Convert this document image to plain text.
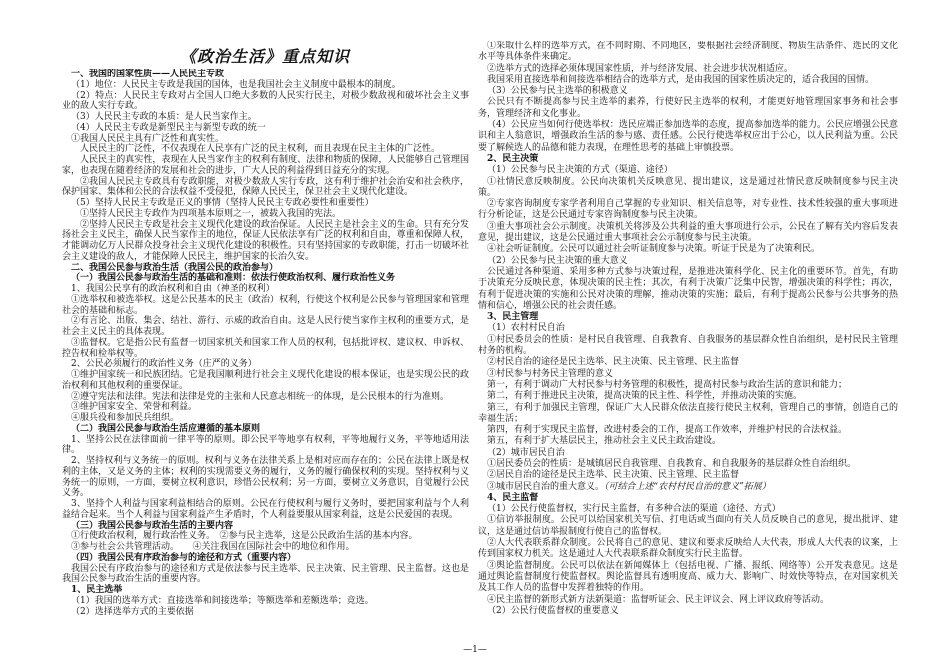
《政治生活》重点知识

一、我国的国家性质——人民民主专政

（1）地位：人民民主专政是我国的国体，也是我国社会主义制度中最根本的制度。

（2）特点：人民民主专政对占全国人口绝大多数的人民实行民主，对极少数敌视和破坏社会主义事业的敌人实行专政。

（3）人民民主专政的本质：是人民当家作主。

（4）人民民主专政是新型民主与新型专政的统一

①我国人民民主具有广泛性和真实性。

人民民主的广泛性，不仅表现在人民享有广泛的民主权利，而且表现在民主主体的广泛性。

人民民主的真实性，表现在人民当家作主的权利有制度、法律和物质的保障，人民能够自己管理国家，也表现在随着经济的发展和社会的进步，广大人民的利益得到日益充分的实现。

②我国人民民主专政具有专政职能，对极少数敌人实行专政，这有利于维护社会治安和社会秩序，保护国家、集体和公民的合法权益不受侵犯，保障人民民主，保卫社会主义现代化建设。

（5）坚持人民民主专政是正义的事情（坚持人民民主专政必要性和重要性）

①坚持人民民主专政作为四项基本原则之一，被载入我国的宪法。

②坚持人民民主专政是社会主义现代化建设的政治保证。人民民主是社会主义的生命。只有充分发扬社会主义民主，确保人民当家作主的地位，保证人民依法享有广泛的权利和自由，尊重和保障人权，才能调动亿万人民群众投身社会主义现代化建设的积极性。只有坚持国家的专政职能，打击一切破坏社会主义建设的敌人，才能保障人民民主，维护国家的长治久安。

二、我国公民参与政治生活（我国公民的政治参与）

（一）我国公民参与政治生活的基础和准则：依法行使政治权利、履行政治性义务

1、我国公民享有的政治权利和自由（神圣的权利）

①选举权和被选举权。这是公民基本的民主（政治）权利，行使这个权利是公民参与管理国家和管理社会的基础和标志。

②有言论、出版、集会、结社、游行、示威的政治自由。这是人民行使当家作主权利的重要方式，是社会主义民主的具体表现。

③监督权。它是指公民有监督一切国家机关和国家工作人员的权利，包括批评权、建议权、申诉权、控告权和检举权等。

2、公民必须履行的政治性义务（庄严的义务）

①维护国家统一和民族团结。它是我国顺利进行社会主义现代化建设的根本保证，也是实现公民的政治权利和其他权利的重要保证。

②遵守宪法和法律。宪法和法律是党的主张和人民意志相统一的体现，是公民根本的行为准则。

③维护国家安全、荣誉和利益。

④服兵役和参加民兵组织。

（二）我国公民参与政治生活应遵循的基本原则

1、坚持公民在法律面前一律平等的原则。即公民平等地享有权利，平等地履行义务，平等地适用法律。

2、坚持权利与义务统一的原则。权利与义务在法律关系上是相对应而存在的；公民在法律上既是权利的主体，又是义务的主体；权利的实现需要义务的履行，义务的履行确保权利的实现。坚持权利与义务统一的原则，一方面，要树立权利意识，珍惜公民权利；另一方面，要树立义务意识，自觉履行公民义务。

3、坚持个人利益与国家利益相结合的原则。公民在行使权利与履行义务时，要把国家利益与个人利益结合起来。当个人利益与国家利益产生矛盾时，个人利益要服从国家利益，这是公民爱国的表现。

（三）我国公民参与政治生活的主要内容

①行使政治权利，履行政治性义务。　②参与民主选举，这是公民政治生活的基本内容。

③参与社会公共管理活动。　　④关注我国在国际社会中的地位和作用。

（四）我国公民有序政治参与的途径和方式（重要内容）

我国公民有序政治参与的途径和方式是依法参与民主选举、民主决策、民主管理、民主监督。这也是我国公民参与政治生活的重要内容。

1、民主选举

（1）我国的选举方式：直接选举和间接选举；等额选举和差额选举；竞选。

（2）选择选举方式的主要依据

①采取什么样的选举方式，在不同时期、不同地区，要根据社会经济制度、物质生活条件、选民的文化水平等具体条件来确定。

②选举方式的选择必须体现国家性质，并与经济发展、社会进步状况相适应。

我国采用直接选举和间接选举相结合的选举方式，是由我国的国家性质决定的，适合我国的国情。

（3）公民参与民主选举的积极意义

公民只有不断提高参与民主选举的素养，行使好民主选举的权利，才能更好地管理国家事务和社会事务，管理经济和文化事业。

（4）公民应当如何行使选举权：选民应端正参加选举的态度，提高参加选举的能力。公民应增强公民意识和主人翁意识，增强政治生活的参与感、责任感。公民行使选举权应出于公心，以人民利益为重。公民要了解候选人的品德和能力表现，在理性思考的基础上审慎投票。

2、民主决策

（1）公民参与民主决策的方式（渠道、途径）

①社情民意反映制度。公民向决策机关反映意见、提出建议，这是通过社情民意反映制度参与民主决策。

②专家咨询制度专家学者利用自己掌握的专业知识、相关信息等，对专业性、技术性较强的重大事项进行分析论证，这是公民通过专家咨询制度参与民主决策。

③重大事项社会公示制度。决策机关将涉及公共利益的重大事项进行公示，公民在了解有关内容后发表意见，提出建议，这是公民通过重大事项社会公示制度参与民主决策。

④社会听证制度。公民可以通过社会听证制度参与决策。听证于民是为了决策利民。

（2）公民参与民主决策的重大意义

公民通过各种渠道、采用多种方式参与决策过程，是推进决策科学化、民主化的重要环节。首先，有助于决策充分反映民意，体现决策的民主性；其次，有利于决策广泛集中民智，增强决策的科学性；再次，有利于促进决策的实施和公民对决策的理解，推动决策的实施；最后，有利于提高公民参与公共事务的热情和信心，增强公民的社会责任感。

3、民主管理

（1）农村村民自治

①村民委员会的性质：是村民自我管理、自我教育、自我服务的基层群众性自治组织，是村民民主管理村务的机构。

②村民自治的途径是民主选举、民主决策、民主管理、民主监督

③村民参与村务民主管理的意义

第一，有利于调动广大村民参与村务管理的积极性，提高村民参与政治生活的意识和能力；

第二，有利于推进民主决策，提高决策的民主性、科学性，并推动决策的实施。

第三，有利于加强民主管理，保证广大人民群众依法直接行使民主权利，管理自己的事情，创造自己的幸福生活；

第四，有利于实现民主监督，改进村委会的工作，提高工作效率，并维护村民的合法权益。

第五，有利于扩大基层民主，推动社会主义民主政治建设。

（2）城市居民自治

①居民委员会的性质：是城镇居民自我管理、自我教育、和自我服务的基层群众性自治组织。

②居民自治的途径是民主选举、民主决策、民主管理、民主监督

③城市居民自治的重大意义。（可结合上述“农村村民自治的意义”拓展）

4、民主监督

（1）公民行使监督权，实行民主监督，有多种合法的渠道（途径、方式）

①信访举报制度。公民可以给国家机关写信、打电话或当面向有关人员反映自己的意见，提出批评、建议，这是通过信访举报制度行使自己的监督权。

②人大代表联系群众制度。公民将自己的意见、建议和要求反映给人大代表，形成人大代表的议案，上传到国家权力机关。这是通过人大代表联系群众制度实行民主监督。

③舆论监督制度。公民可以依法在新闻媒体上（包括电视、广播、报纸、网络等）公开发表意见。这是通过舆论监督制度行使监督权。舆论监督具有透明度高、威力大、影响广、时效快等特点，在对国家机关及其工作人员的监督中发挥着独特的作用。

④民主监督的新形式新方法新渠道：监督听证会、民主评议会、网上评议政府等活动。

（2）公民行使监督权的重要意义

—1—
